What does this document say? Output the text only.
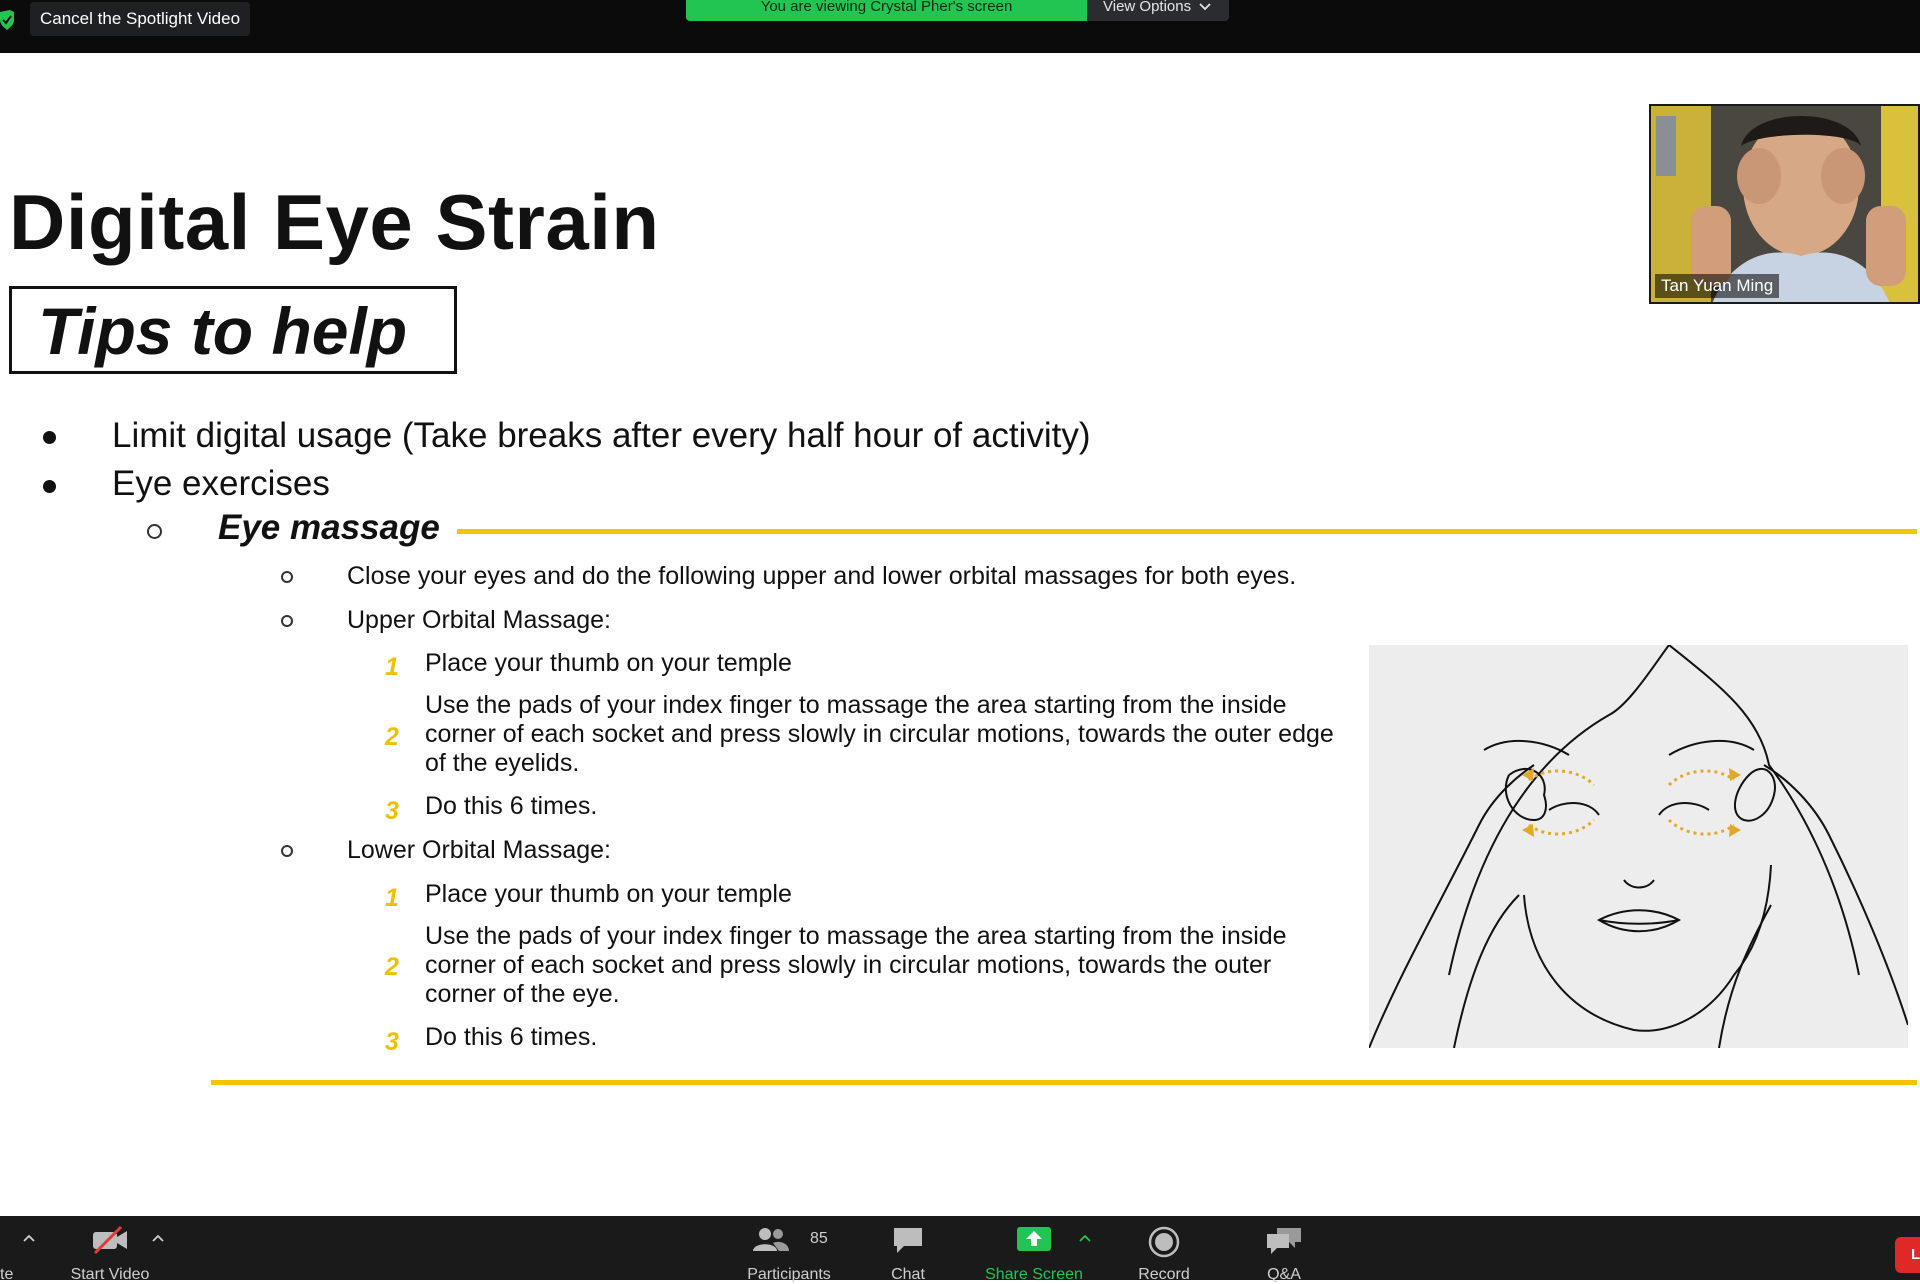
Cancel the Spotlight Video
You are viewing Crystal Pher's screen	View Options
Digital Eye Strain
Tips to help
Limit digital usage (Take breaks after every half hour of activity)
Eye exercises
Eye massage
Close your eyes and do the following upper and lower orbital massages for both eyes.
Upper Orbital Massage:
1 Place your thumb on your temple
2
Use the pads of your index finger to massage the area starting from the inside corner of each socket and press slowly in circular motions, towards the outer edge of the eyelids.
3 Do this 6 times.
Lower Orbital Massage:
1 Place your thumb on your temple
2
Use the pads of your index finger to massage the area starting from the inside corner of each socket and press slowly in circular motions, towards the outer corner of the eye.
3 Do this 6 times.
Tan Yuan Ming
te	Start Video
85
Participants	Chat	Share Screen	Record	Q&A
L
